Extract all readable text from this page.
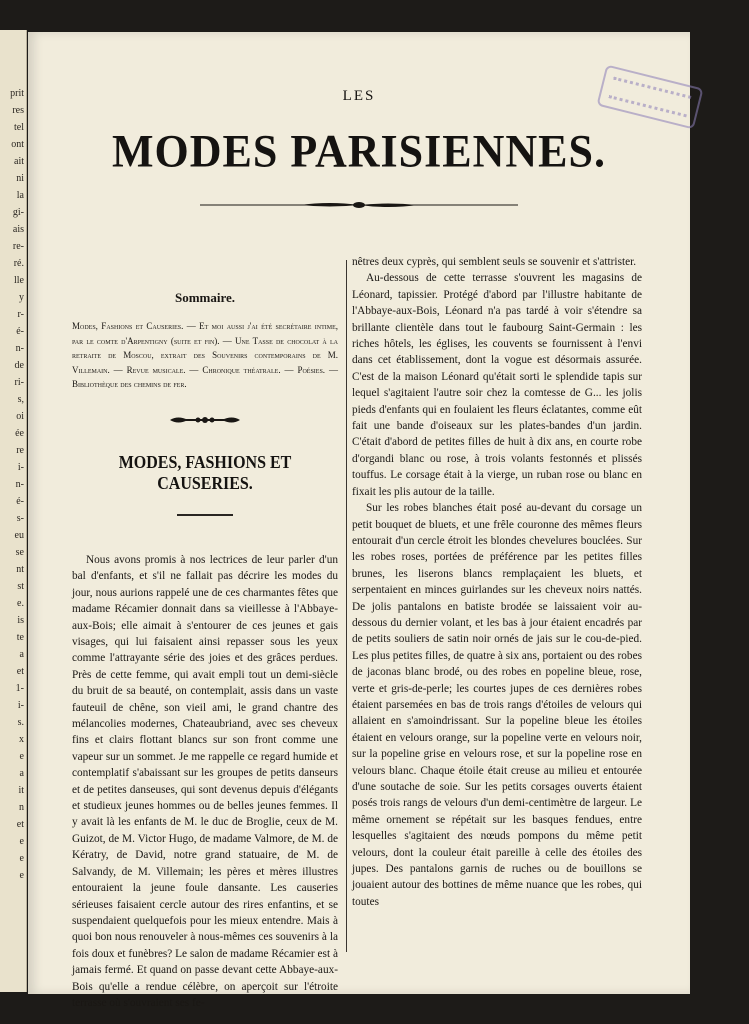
prit
res
tel
ont
ait
ni
la
gi-
ais
re-
ré.
lle
y
r-
é-
n-
de
ri-
s,
oi
ée
re
i-
n-
é-
s-
eu
se
nt
st
e.
is
te
a
et
1-
i-
s.
x
e
a
it
n
et
e
e
e
LES
MODES PARISIENNES.
Sommaire.
Modes, Fashions et Causeries. — Et moi aussi j'ai été secrétaire intime, par le comte d'Arpentigny (suite et fin). — Une Tasse de chocolat à la retraite de Moscou, extrait des Souvenirs contemporains de M. Villemain. — Revue musicale. — Chronique théatrale. — Poésies. — Bibliothèque des chemins de fer.
MODES, FASHIONS ET CAUSERIES.

Nous avons promis à nos lectrices de leur parler d'un bal d'enfants, et s'il ne fallait pas décrire les modes du jour, nous aurions rappelé une de ces charmantes fêtes que madame Récamier donnait dans sa vieillesse à l'Abbaye-aux-Bois; elle aimait à s'entourer de ces jeunes et gais visages, qui lui faisaient ainsi repasser sous les yeux comme l'attrayante série des joies et des grâces perdues. Près de cette femme, qui avait empli tout un demi-siècle du bruit de sa beauté, on contemplait, assis dans un vaste fauteuil de chêne, son vieil ami, le grand chantre des mélancolies modernes, Chateaubriand, avec ses cheveux fins et clairs flottant blancs sur son front comme une vapeur sur un sommet. Je me rappelle ce regard humide et contemplatif s'abaissant sur les groupes de petits danseurs et de petites danseuses, qui sont devenus depuis d'élégants et studieux jeunes hommes ou de belles jeunes femmes. Il y avait là les enfants de M. le duc de Broglie, ceux de M. Guizot, de M. Victor Hugo, de madame Valmore, de M. de Kératry, de David, notre grand statuaire, de M. de Salvandy, de M. Villemain; les pères et mères illustres entouraient la jeune foule dansante. Les causeries sérieuses faisaient cercle autour des rires enfantins, et se suspendaient quelquefois pour les mieux entendre. Mais à quoi bon nous renouveler à nous-mêmes ces souvenirs à la fois doux et funèbres? Le salon de madame Récamier est à jamais fermé. Et quand on passe devant cette Abbaye-aux-Bois qu'elle a rendue célèbre, on aperçoit sur l'étroite terrasse où s'ouvraient ses fe-

nêtres deux cyprès, qui semblent seuls se souvenir et s'attrister.

Au-dessous de cette terrasse s'ouvrent les magasins de Léonard, tapissier. Protégé d'abord par l'illustre habitante de l'Abbaye-aux-Bois, Léonard n'a pas tardé à voir s'étendre sa brillante clientèle dans tout le faubourg Saint-Germain : les riches hôtels, les églises, les couvents se fournissent à l'envi dans cet établissement, dont la vogue est désormais assurée. C'est de la maison Léonard qu'était sorti le splendide tapis sur lequel s'agitaient l'autre soir chez la comtesse de G... les jolis pieds d'enfants qui en foulaient les fleurs éclatantes, comme eût fait une bande d'oiseaux sur les plates-bandes d'un jardin. C'était d'abord de petites filles de huit à dix ans, en courte robe d'organdi blanc ou rose, à trois volants festonnés et plissés touffus. Le corsage était à la vierge, un ruban rose ou blanc en fixait les plis autour de la taille.

Sur les robes blanches était posé au-devant du corsage un petit bouquet de bluets, et une frêle couronne des mêmes fleurs entourait d'un cercle étroit les blondes chevelures bouclées. Sur les robes roses, portées de préférence par les petites filles brunes, les liserons blancs remplaçaient les bluets, et serpentaient en minces guirlandes sur les cheveux noirs nattés. De jolis pantalons en batiste brodée se laissaient voir au-dessous du dernier volant, et les bas à jour étaient encadrés par de petits souliers de satin noir ornés de jais sur le cou-de-pied. Les plus petites filles, de quatre à six ans, portaient ou des robes de jaconas blanc brodé, ou des robes en popeline bleue, rose, verte et gris-de-perle; les courtes jupes de ces dernières robes étaient parsemées en bas de trois rangs d'étoiles de velours qui allaient en s'amoindrissant. Sur la popeline bleue les étoiles étaient en velours orange, sur la popeline verte en velours noir, sur la popeline grise en velours rose, et sur la popeline rose en velours blanc. Chaque étoile était creuse au milieu et entourée d'une soutache de soie. Sur les petits corsages ouverts étaient posés trois rangs de velours d'un demi-centimètre de largeur. Le même ornement se répétait sur les basques fendues, entre lesquelles s'agitaient des nœuds pompons du même petit velours, dont la couleur était pareille à celle des étoiles des jupes. Des pantalons garnis de ruches ou de bouillons se jouaient autour des bottines de même nuance que les robes, qui toutes
